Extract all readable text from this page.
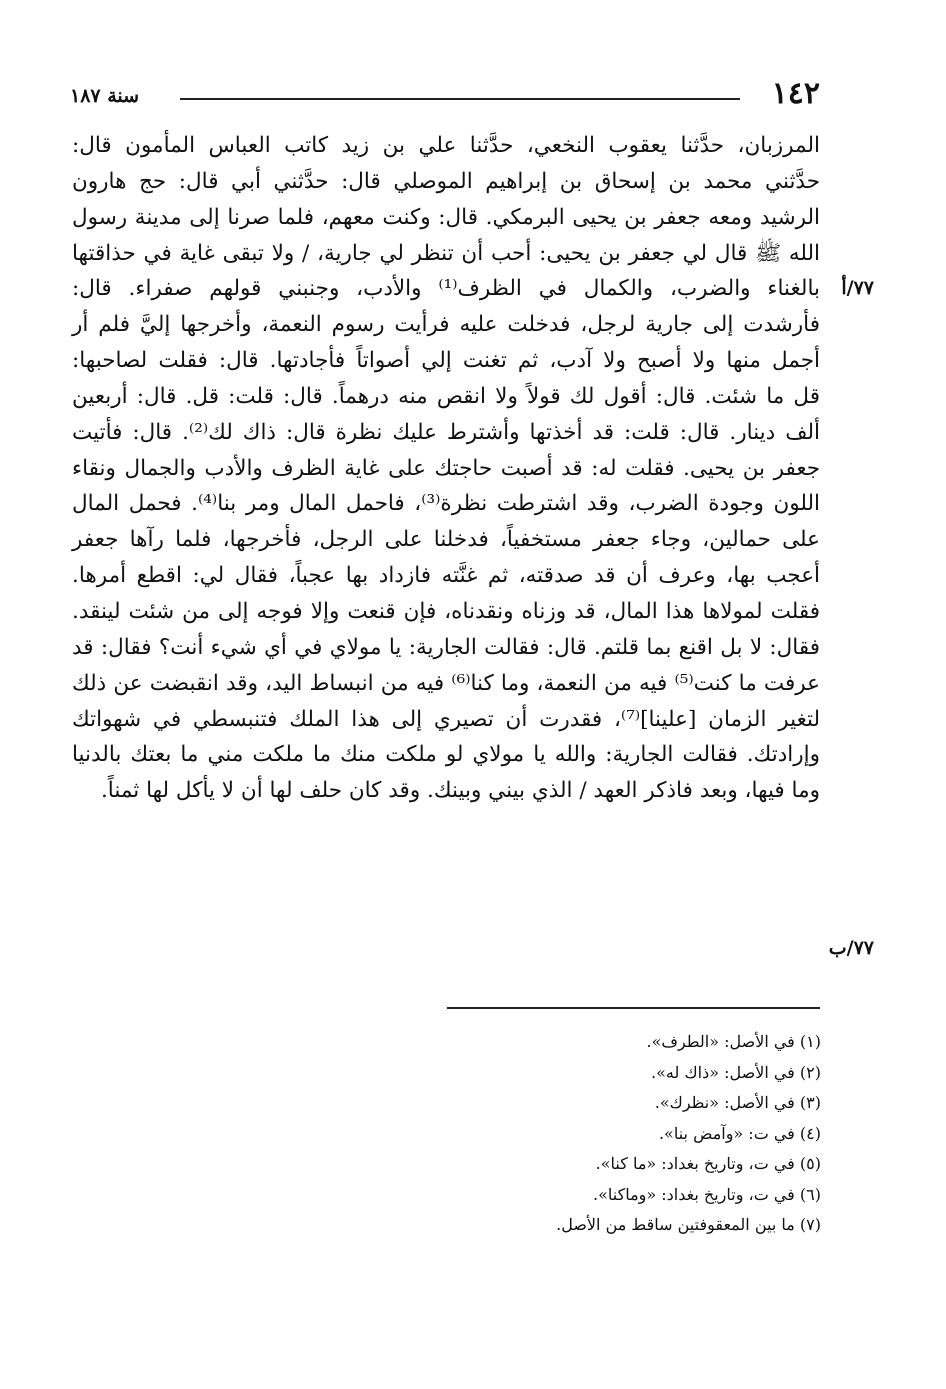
١٤٢
سنة ١٨٧
المرزبان، حدَّثنا يعقوب النخعي، حدَّثنا علي بن زيد كاتب العباس المأمون قال:
حدَّثني محمد بن إسحاق بن إبراهيم الموصلي قال: حدَّثني أبي قال: حج هارون
الرشيد ومعه جعفر بن يحيى البرمكي. قال: وكنت معهم، فلما صرنا إلى مدينة رسول
الله ﷺ قال لي جعفر بن يحيى: أحب أن تنظر لي جارية، / ولا تبقى غاية في حذاقتها
بالغناء والضرب، والكمال في الظرف⁽¹⁾ والأدب، وجنبني قولهم صفراء. قال:
فأرشدت إلى جارية لرجل، فدخلت عليه فرأيت رسوم النعمة، وأخرجها إليَّ فلم أر
أجمل منها ولا أصبح ولا آدب، ثم تغنت إلي أصواتاً فأجادتها. قال: فقلت لصاحبها:
قل ما شئت. قال: أقول لك قولاً ولا انقص منه درهماً. قال: قلت: قل. قال: أربعين
ألف دينار. قال: قلت: قد أخذتها وأشترط عليك نظرة قال: ذاك لك⁽²⁾. قال: فأتيت
جعفر بن يحيى. فقلت له: قد أصبت حاجتك على غاية الظرف والأدب والجمال ونقاء
اللون وجودة الضرب، وقد اشترطت نظرة⁽³⁾، فاحمل المال ومر بنا⁽⁴⁾. فحمل المال
على حمالين، وجاء جعفر مستخفياً، فدخلنا على الرجل، فأخرجها، فلما رآها جعفر
أعجب بها، وعرف أن قد صدقته، ثم غنَّته فازداد بها عجباً، فقال لي: اقطع أمرها.
فقلت لمولاها هذا المال، قد وزناه ونقدناه، فإن قنعت وإلا فوجه إلى من شئت لينقد.
فقال: لا بل اقنع بما قلتم. قال: فقالت الجارية: يا مولاي في أي شيء أنت؟ فقال: قد
عرفت ما كنت⁽⁵⁾ فيه من النعمة، وما كنا⁽⁶⁾ فيه من انبساط اليد، وقد انقبضت عن ذلك
لتغير الزمان [علينا]⁽⁷⁾، فقدرت أن تصيري إلى هذا الملك فتنبسطي في شهواتك
وإرادتك. فقالت الجارية: والله يا مولاي لو ملكت منك ما ملكت مني ما بعتك بالدنيا
وما فيها، وبعد فاذكر العهد / الذي بيني وبينك. وقد كان حلف لها أن لا يأكل لها ثمناً.
٧٧/أ
٧٧/ب
(١) في الأصل: «الطرف».
(٢) في الأصل: «ذاك له».
(٣) في الأصل: «نظرك».
(٤) في ت: «وآمض بنا».
(٥) في ت، وتاريخ بغداد: «ما كنا».
(٦) في ت، وتاريخ بغداد: «وماكنا».
(٧) ما بين المعقوفتين ساقط من الأصل.
